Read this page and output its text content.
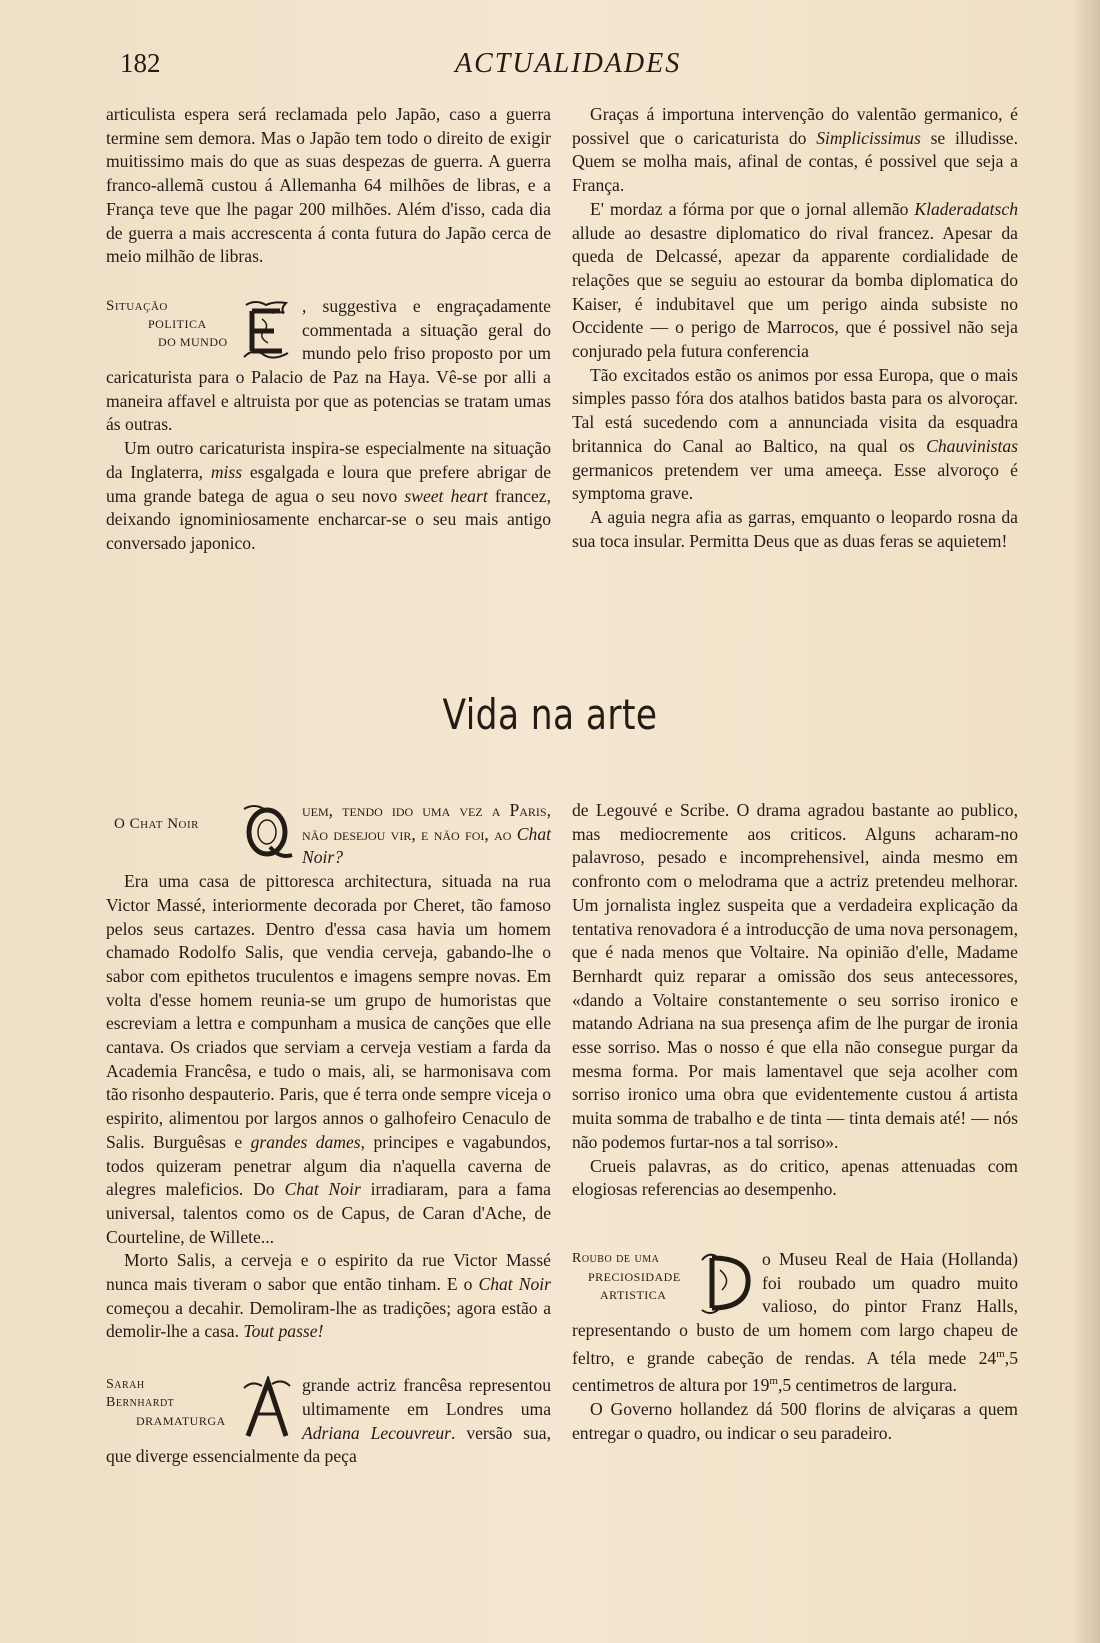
182	ACTUALIDADES

articulista espera será reclamada pelo Japão, caso a guerra termine sem demora. Mas o Japão tem todo o direito de exigir muitissimo mais do que as suas despezas de guerra. A guerra franco-allemã custou á Allemanha 64 milhões de libras, e a França teve que lhe pagar 200 milhões. Além d'isso, cada dia de guerra a mais accrescenta á conta futura do Japão cerca de meio milhão de libras.

Situação
POLITICA
DO MUNDO
, suggestiva e engraçadamente commentada a situação geral do mundo pelo friso proposto por um caricaturista para o Palacio de Paz na Haya. Vê-se por alli a maneira affavel e altruista por que as potencias se tratam umas ás outras.

Um outro caricaturista inspira-se especialmente na situação da Inglaterra, miss esgalgada e loura que prefere abrigar de uma grande bategа de agua o seu novo sweet heart francez, deixando ignominiosamente encharcar-se o seu mais antigo conversado japonico.

Graças á importuna intervenção do valentão germanico, é possivel que o caricaturista do Simplicissimus se illudisse. Quem se molha mais, afinal de contas, é possivel que seja a França.

E' mordaz a fórma por que o jornal allemão Kladeradatsch allude ao desastre diplomatico do rival francez. Apesar da queda de Delcassé, apezar da apparente cordialidade de relações que se seguiu ao estourar da bomba diplomatica do Kaiser, é indubitavel que um perigo ainda subsiste no Occidente — o perigo de Marrocos, que é possivel não seja conjurado pela futura conferencia

Tão excitados estão os animos por essa Europa, que o mais simples passo fóra dos atalhos batidos basta para os alvoroçar. Tal está sucedendo com a annunciada visita da esquadra britannica do Canal ao Baltico, na qual os Chauvinistas germanicos pretendem ver uma ameeça. Esse alvoroço é symptoma grave.

A aguia negra afia as garras, emquanto o leopardo rosna da sua toca insular. Permitta Deus que as duas feras se aquietem!

Vida na arte

O Chat Noir
uem, tendo ido uma vez a Paris, não desejou vir, e não foi, ao Chat Noir?

Era uma casa de pittoresca architectura, situada na rua Victor Massé, interiormente decorada por Cheret, tão famoso pelos seus cartazes. Dentro d'essa casa havia um homem chamado Rodolfo Salis, que vendia cerveja, gabando-lhe o sabor com epithetos truculentos e imagens sempre novas. Em volta d'esse homem reunia-se um grupo de humoristas que escreviam a lettra e compunham a musica de canções que elle cantava. Os criados que serviam a cerveja vestiam a farda da Academia Francêsa, e tudo o mais, ali, se harmonisava com tão risonho despauterio. Paris, que é terra onde sempre viceja o espirito, alimentou por largos annos o galhofeiro Cenaculo de Salis. Burguêsas e grandes dames, principes e vagabundos, todos quizeram penetrar algum dia n'aquella caverna de alegres maleficios. Do Chat Noir irradiaram, para a fama universal, talentos como os de Capus, de Caran d'Ache, de Courteline, de Willete...

Morto Salis, a cerveja e o espirito da rue Victor Massé nunca mais tiveram o sabor que então tinham. E o Chat Noir começou a decahir. Demoliram-lhe as tradições; agora estão a demolir-lhe a casa. Tout passe!

Sarah
Bernhardt
DRAMATURGA
grande actriz francêsa representou ultimamente em Londres uma Adriana Lecouvreur. versão sua, que diverge essencialmente da peça

de Legouvé e Scribe. O drama agradou bastante ao publico, mas mediocremente aos criticos. Alguns acharam-no palavroso, pesado e incomprehensivel, ainda mesmo em confronto com o melodrama que a actriz pretendeu melhorar. Um jornalista inglez suspeita que a verdadeira explicação da tentativa renovadora é a introducção de uma nova personagem, que é nada menos que Voltaire. Na opinião d'elle, Madame Bernhardt quiz reparar a omissão dos seus antecessores, «dando a Voltaire constantemente o seu sorriso ironico e matando Adriana na sua presença afim de lhe purgar de ironia esse sorriso. Mas o nosso é que ella não consegue purgar da mesma forma. Por mais lamentavel que seja acolher com sorriso ironico uma obra que evidentemente custou á artista muita somma de trabalho e de tinta — tinta demais até! — nós não podemos furtar-nos a tal sorriso».

Crueis palavras, as do critico, apenas attenuadas com elogiosas referencias ao desempenho.

Roubo de uma
PRECIOSIDADE
ARTISTICA
o Museu Real de Haia (Hollanda) foi roubado um quadro muito valioso, do pintor Franz Halls, representando o busto de um homem com largo chapeu de feltro, e grande cabeção de rendas. A téla mede 24$^m$,5 centimetros de altura por 19$^m$,5 centimetros de largura.

O Governo hollandez dá 500 florins de alviçaras a quem entregar o quadro, ou indicar o seu paradeiro.
